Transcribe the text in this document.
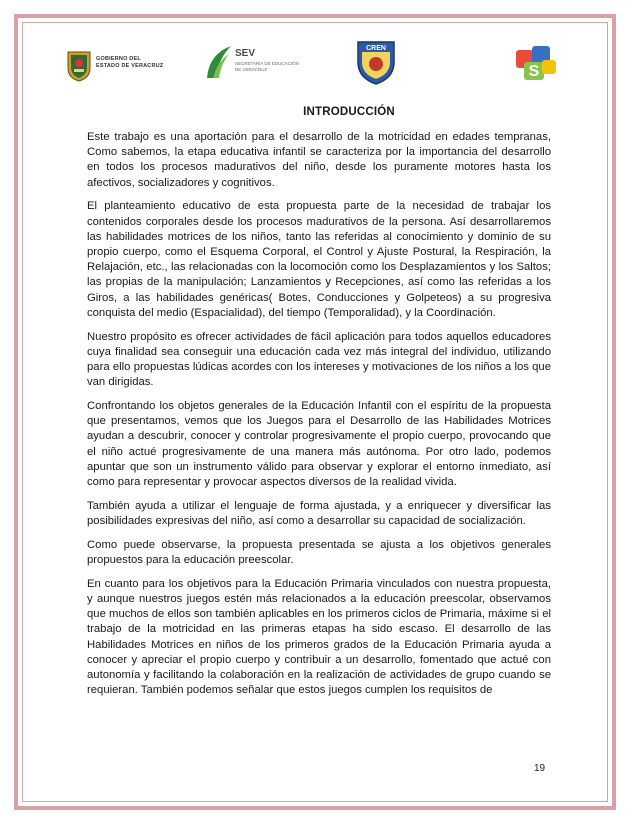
GOBIERNO DEL
ESTADO DE VERACRUZ
SEV
SECRETARÍA DE EDUCACIÓN
DE VERACRUZ
CREN
S
INTRODUCCIÓN

Este trabajo es una aportación para el desarrollo de la motricidad en edades tempranas, Como sabemos, la etapa educativa infantil se caracteriza por la importancia del desarrollo en todos los procesos madurativos del niño, desde los puramente motores hasta los afectivos, socializadores y cognitivos.

El planteamiento educativo de esta propuesta parte de la necesidad de trabajar los contenidos corporales desde los procesos madurativos de la persona. Así desarrollaremos las habilidades motrices de los niños, tanto las referidas al conocimiento y dominio de su propio cuerpo, como el Esquema Corporal, el Control y Ajuste Postural, la Respiración, la Relajación, etc., las relacionadas con la locomoción como los Desplazamientos y los Saltos; las propias de la manipulación; Lanzamientos y Recepciones, así como las referidas a los Giros, a las habilidades genéricas( Botes, Conducciones y Golpeteos) a su progresiva conquista del medio (Espacialidad), del tiempo (Temporalidad), y la Coordinación.

Nuestro propósito es ofrecer actividades de fácil aplicación para todos aquellos educadores cuya finalidad sea conseguir una educación cada vez más integral del individuo, utilizando para ello propuestas lúdicas acordes con los intereses y motivaciones de los niños a los que van dirigidas.

Confrontando los objetos generales de la Educación Infantil con el espíritu de la propuesta que presentamos, vemos que los Juegos para el Desarrollo de las Habilidades Motrices ayudan a descubrir, conocer y controlar progresivamente el propio cuerpo, provocando que el niño actué progresivamente de una manera más autónoma. Por otro lado, podemos apuntar que son un instrumento válido para observar y explorar el entorno inmediato, así como para representar y provocar aspectos diversos de la realidad vivida.

También ayuda a utilizar el lenguaje de forma ajustada, y a enriquecer y diversificar las posibilidades expresivas del niño, así como a desarrollar su capacidad de socialización.

Como puede observarse, la propuesta presentada se ajusta a los objetivos generales propuestos para la educación preescolar.

En cuanto para los objetivos para la Educación Primaria vinculados con nuestra propuesta, y aunque nuestros juegos estén más relacionados a la educación preescolar, observamos que muchos de ellos son también aplicables en los primeros ciclos de Primaria, máxime si el trabajo de la motricidad en las primeras etapas ha sido escaso. El desarrollo de las Habilidades Motrices en niños de los primeros grados de la Educación Primaria ayuda a conocer y apreciar el propio cuerpo y contribuir a un desarrollo, fomentado que actué con autonomía y facilitando la colaboración en la realización de actividades de grupo cuando se requieran. También podemos señalar que estos juegos cumplen los requisitos de

19
